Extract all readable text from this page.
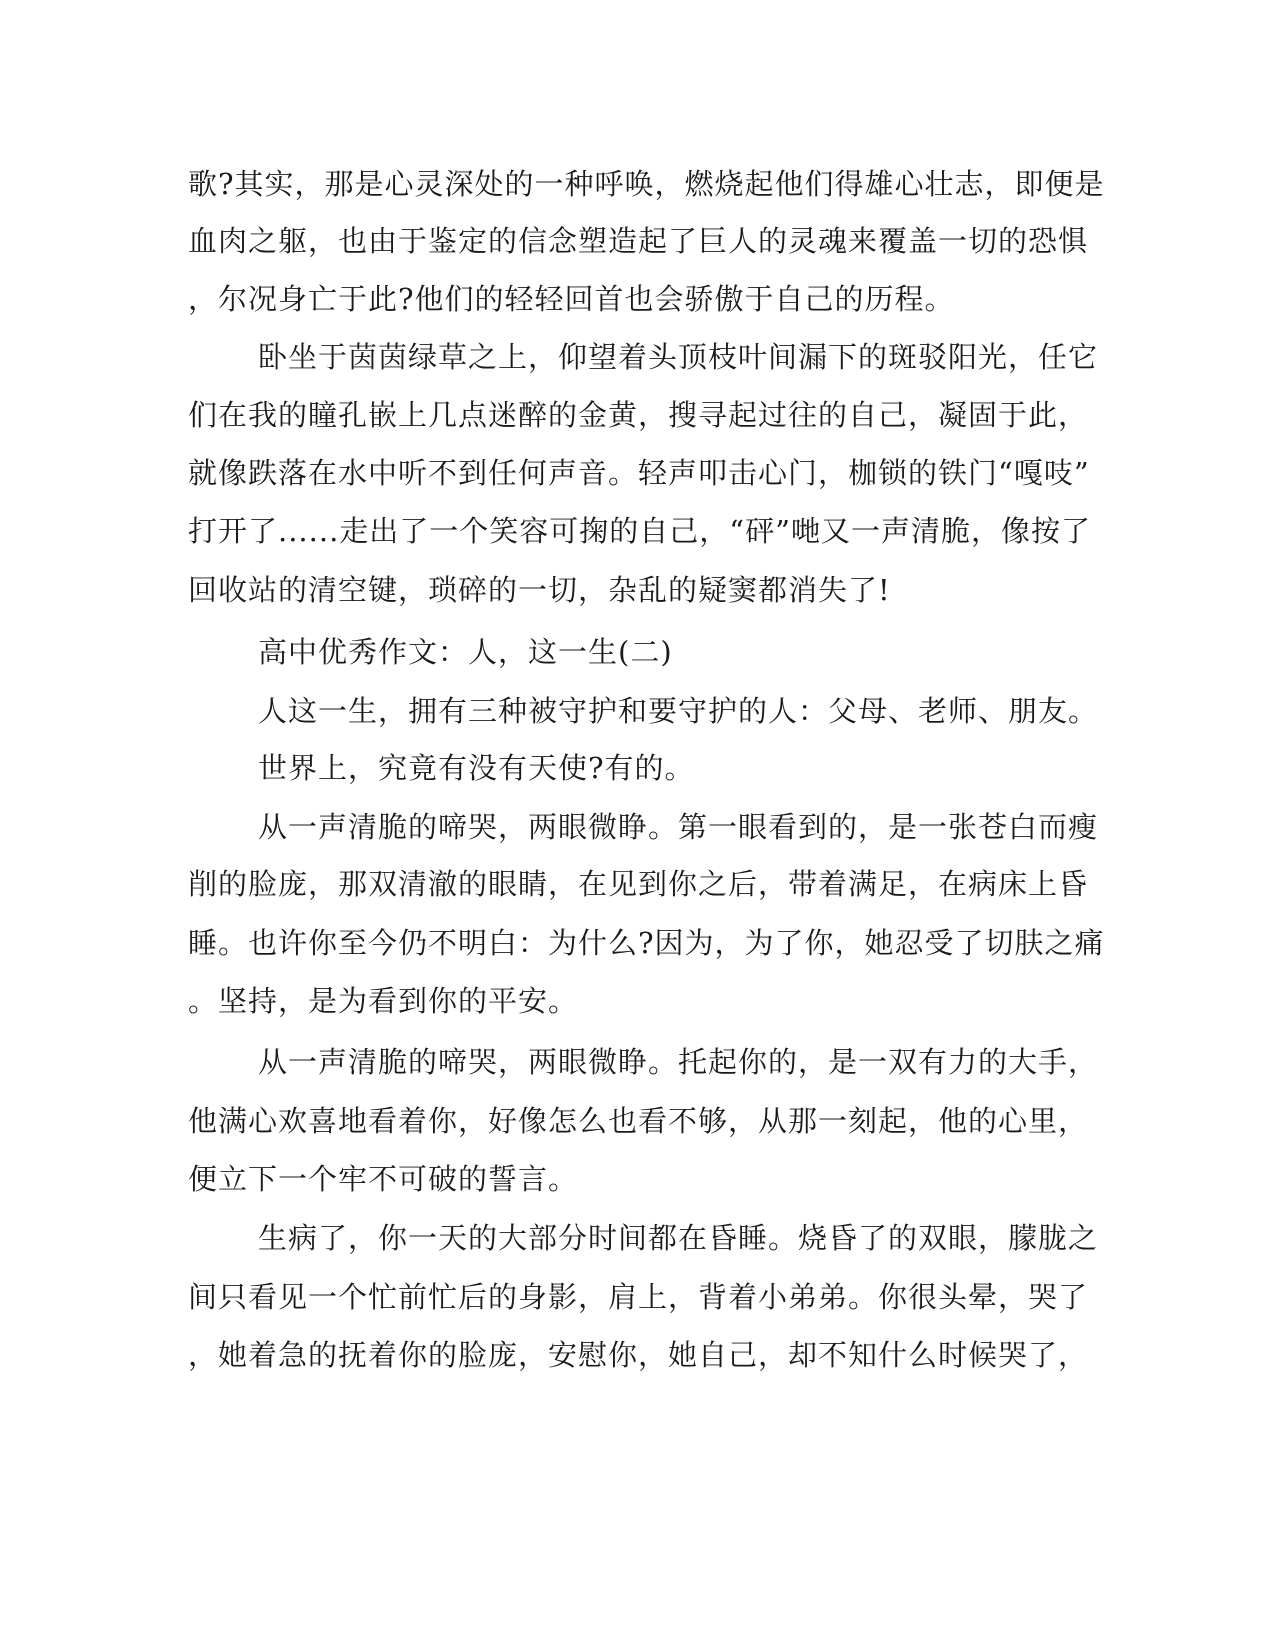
歌?其实，那是心灵深处的一种呼唤，燃烧起他们得雄心壮志，即便是
血肉之躯，也由于鉴定的信念塑造起了巨人的灵魂来覆盖一切的恐惧
，尔况身亡于此?他们的轻轻回首也会骄傲于自己的历程。
卧坐于茵茵绿草之上，仰望着头顶枝叶间漏下的斑驳阳光，任它
们在我的瞳孔嵌上几点迷醉的金黄，搜寻起过往的自己，凝固于此，
就像跌落在水中听不到任何声音。轻声叩击心门，枷锁的铁门“嘎吱”
打开了......走出了一个笑容可掬的自己，“砰”哋又一声清脆，像按了
回收站的清空键，琐碎的一切，杂乱的疑窦都消失了!
高中优秀作文：人，这一生(二)
人这一生，拥有三种被守护和要守护的人：父母、老师、朋友。
世界上，究竟有没有天使?有的。
从一声清脆的啼哭，两眼微睁。第一眼看到的，是一张苍白而瘦
削的脸庞，那双清澈的眼睛，在见到你之后，带着满足，在病床上昏
睡。也许你至今仍不明白：为什么?因为，为了你，她忍受了切肤之痛
。坚持，是为看到你的平安。
从一声清脆的啼哭，两眼微睁。托起你的，是一双有力的大手，
他满心欢喜地看着你，好像怎么也看不够，从那一刻起，他的心里，
便立下一个牢不可破的誓言。
生病了，你一天的大部分时间都在昏睡。烧昏了的双眼，朦胧之
间只看见一个忙前忙后的身影，肩上，背着小弟弟。你很头晕，哭了
，她着急的抚着你的脸庞，安慰你，她自己，却不知什么时候哭了，
